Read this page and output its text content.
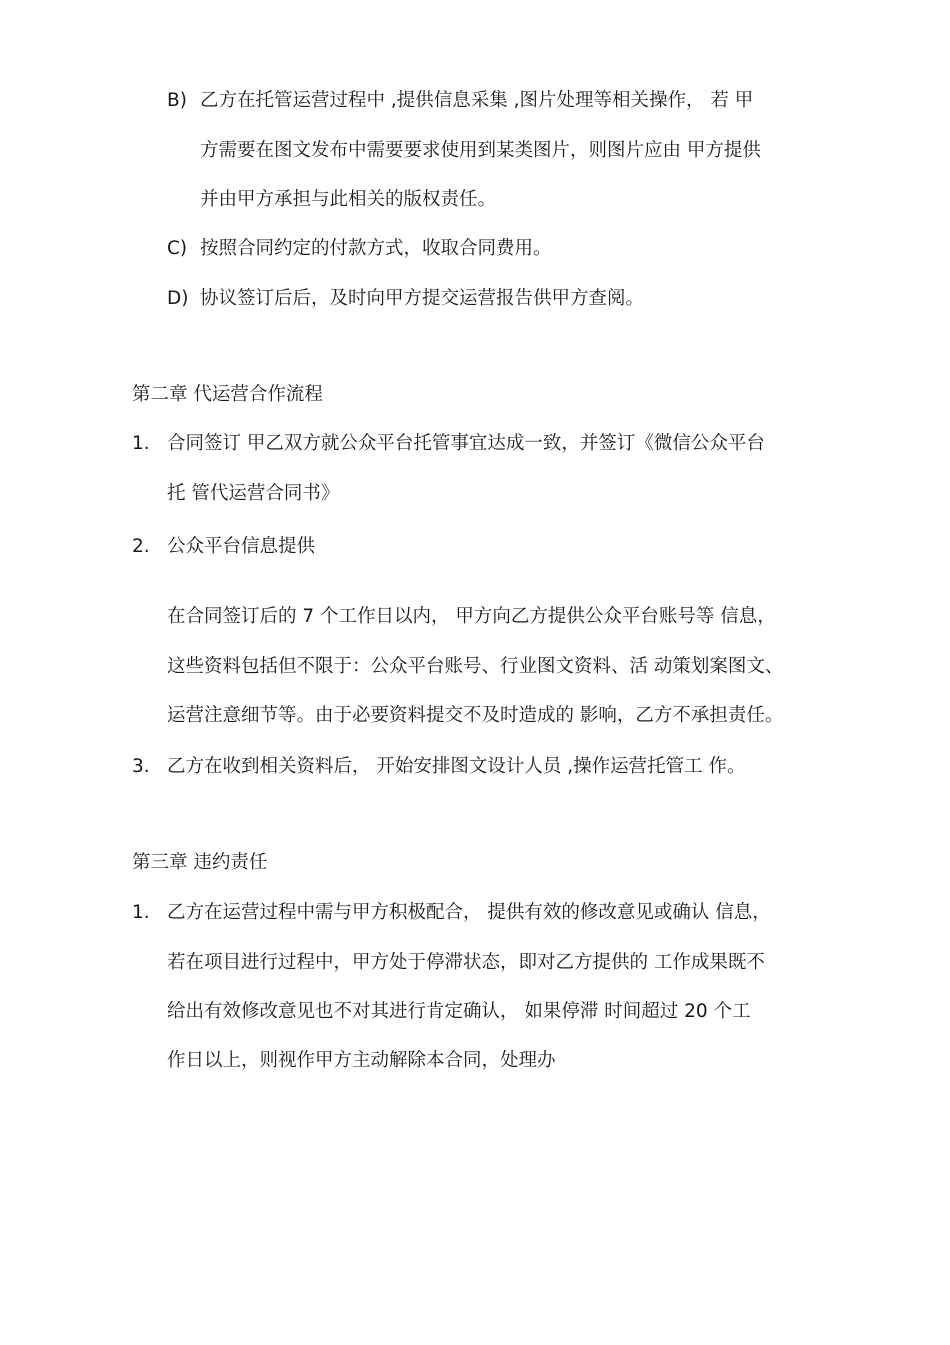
B) 乙方在托管运营过程中 ,提供信息采集 ,图片处理等相关操作， 若 甲
方需要在图文发布中需要要求使用到某类图片，则图片应由 甲方提供
并由甲方承担与此相关的版权责任。
C) 按照合同约定的付款方式，收取合同费用。
D) 协议签订后后，及时向甲方提交运营报告供甲方查阅。
第二章 代运营合作流程
1. 合同签订 甲乙双方就公众平台托管事宜达成一致，并签订《微信公众平台
托 管代运营合同书》
2. 公众平台信息提供
在合同签订后的 7 个工作日以内， 甲方向乙方提供公众平台账号等 信息，
这些资料包括但不限于：公众平台账号、行业图文资料、活 动策划案图文、
运营注意细节等。由于必要资料提交不及时造成的 影响，乙方不承担责任。
3. 乙方在收到相关资料后， 开始安排图文设计人员 ,操作运营托管工 作。
第三章 违约责任
1. 乙方在运营过程中需与甲方积极配合， 提供有效的修改意见或确认 信息，
若在项目进行过程中，甲方处于停滞状态，即对乙方提供的 工作成果既不
给出有效修改意见也不对其进行肯定确认， 如果停滞 时间超过 20 个工
作日以上，则视作甲方主动解除本合同，处理办
